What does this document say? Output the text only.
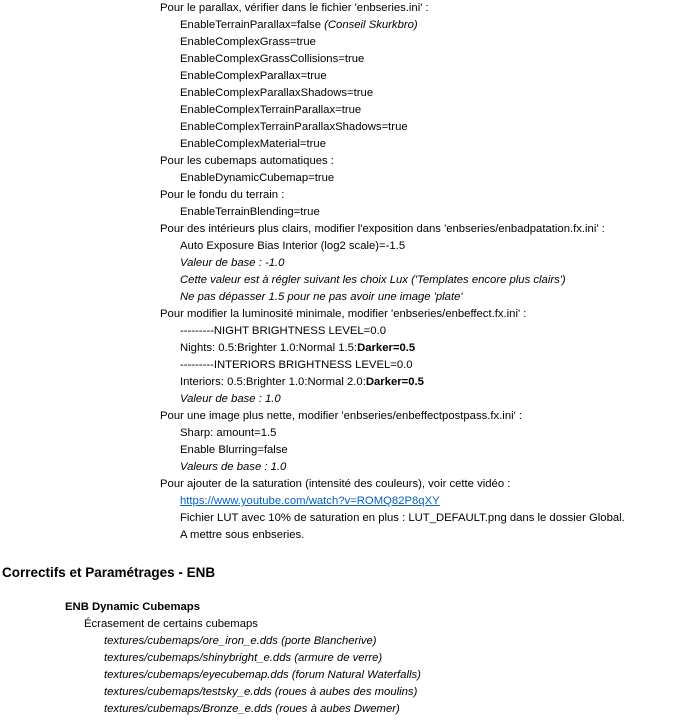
Pour le parallax, vérifier dans le fichier 'enbseries.ini' :
EnableTerrainParallax=false (Conseil Skurkbro)
EnableComplexGrass=true
EnableComplexGrassCollisions=true
EnableComplexParallax=true
EnableComplexParallaxShadows=true
EnableComplexTerrainParallax=true
EnableComplexTerrainParallaxShadows=true
EnableComplexMaterial=true
Pour les cubemaps automatiques :
EnableDynamicCubemap=true
Pour le fondu du terrain :
EnableTerrainBlending=true
Pour des intérieurs plus clairs, modifier l'exposition dans 'enbseries/enbadpatation.fx.ini' :
Auto Exposure Bias Interior (log2 scale)=-1.5
Valeur de base : -1.0
Cette valeur est à régler suivant les choix Lux ('Templates encore plus clairs')
Ne pas dépasser 1.5 pour ne pas avoir une image 'plate'
Pour modifier la luminosité minimale, modifier 'enbseries/enbeffect.fx.ini' :
---------NIGHT BRIGHTNESS LEVEL=0.0
Nights: 0.5:Brighter 1.0:Normal 1.5:Darker=0.5
---------INTERIORS BRIGHTNESS LEVEL=0.0
Interiors: 0.5:Brighter 1.0:Normal 2.0:Darker=0.5
Valeur de base : 1.0
Pour une image plus nette, modifier 'enbseries/enbeffectpostpass.fx.ini' :
Sharp: amount=1.5
Enable Blurring=false
Valeurs de base : 1.0
Pour ajouter de la saturation (intensité des couleurs), voir cette vidéo :
https://www.youtube.com/watch?v=ROMQ82P8qXY
Fichier LUT avec 10% de saturation en plus : LUT_DEFAULT.png dans le dossier Global.
A mettre sous enbseries.
Correctifs et Paramétrages - ENB
ENB Dynamic Cubemaps
Écrasement de certains cubemaps
textures/cubemaps/ore_iron_e.dds (porte Blancherive)
textures/cubemaps/shinybright_e.dds (armure de verre)
textures/cubemaps/eyecubemap.dds (forum Natural Waterfalls)
textures/cubemaps/testsky_e.dds (roues à aubes des moulins)
textures/cubemaps/Bronze_e.dds (roues à aubes Dwemer)
